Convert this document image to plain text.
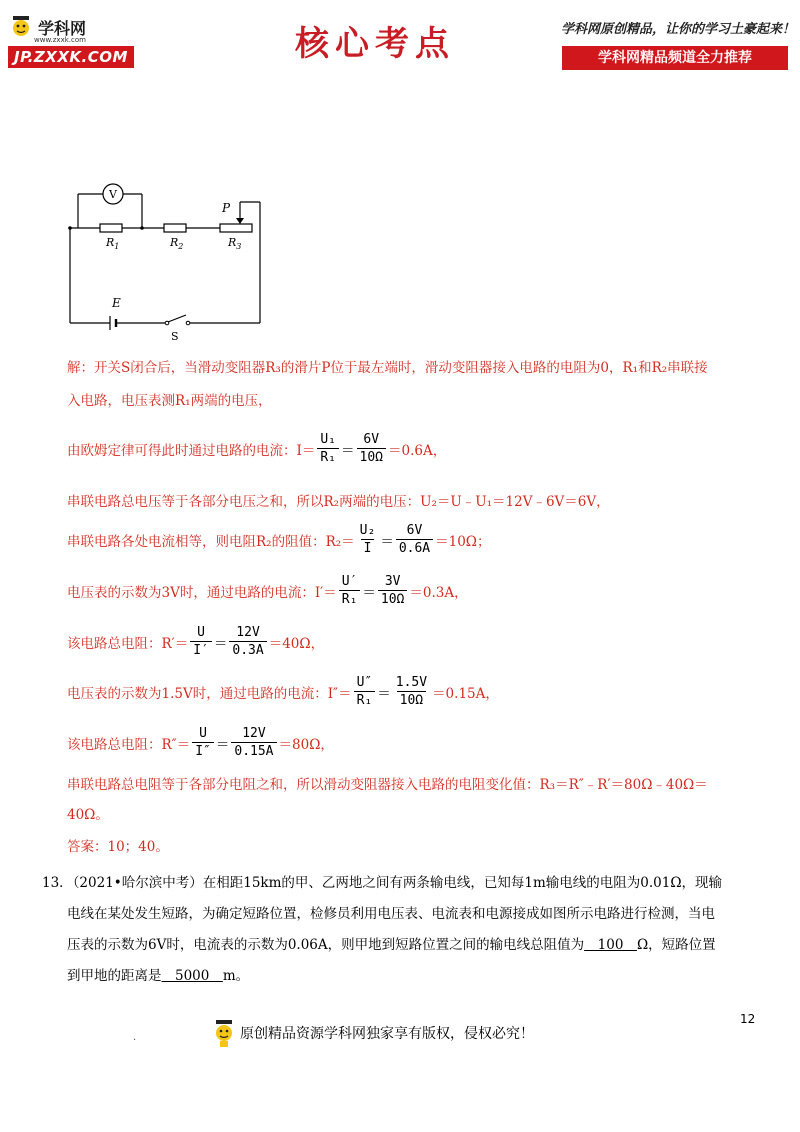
学科网
www.zxxk.com
JP.ZXXK.COM	核心考点	学科网原创精品，让你的学习土豪起来！
学科网精品频道全力推荐
V
$R_1$	$R_2$	$R_3$
P
E
S
解：开关S闭合后，当滑动变阻器R₃的滑片P位于最左端时，滑动变阻器接入电路的电阻为0，R₁和R₂串联接
入电路，电压表测R₁两端的电压，
由欧姆定律可得此时通过电路的电流：$I= \frac{\text{U₁}}{\text{R₁}} = \frac{6V}{10\Omega} =0.6A$，
串联电路总电压等于各部分电压之和，所以R₂两端的电压：U₂＝U﹣U₁＝12V﹣6V＝6V，
串联电路各处电流相等，则电阻R₂的阻值：$R_2= \frac{\text{U₂}}{I} = \frac{6V}{0.6A} =10\Omega$；
电压表的示数为3V时，通过电路的电流：$I'= \frac{U'}{\text{R₁}} = \frac{3V}{10\Omega} =0.3A$，
该电路总电阻：$R'= \frac{U}{I'} = \frac{12V}{0.3A} =40\Omega$，
电压表的示数为1.5V时，通过电路的电流：$I''= \frac{U''}{\text{R₁}} = \frac{1.5V}{10\Omega} =0.15A$，
该电路总电阻：$R''= \frac{U}{I''} = \frac{12V}{0.15A} =80\Omega$，
串联电路总电阻等于各部分电阻之和，所以滑动变阻器接入电路的电阻变化值：R₃＝R″﹣R′＝80Ω﹣40Ω＝
40Ω。
答案：10；40。
13．（2021•哈尔滨中考）在相距15km的甲、乙两地之间有两条输电线，已知每1m输电线的电阻为0.01Ω，现输
电线在某处发生短路，为确定短路位置，检修员利用电压表、电流表和电源接成如图所示电路进行检测，当电
压表的示数为6V时，电流表的示数为0.06A，则甲地到短路位置之间的输电线总阻值为　100　Ω，短路位置
到甲地的距离是　5000　m。
原创精品资源学科网独家享有版权，侵权必究！
12
.
